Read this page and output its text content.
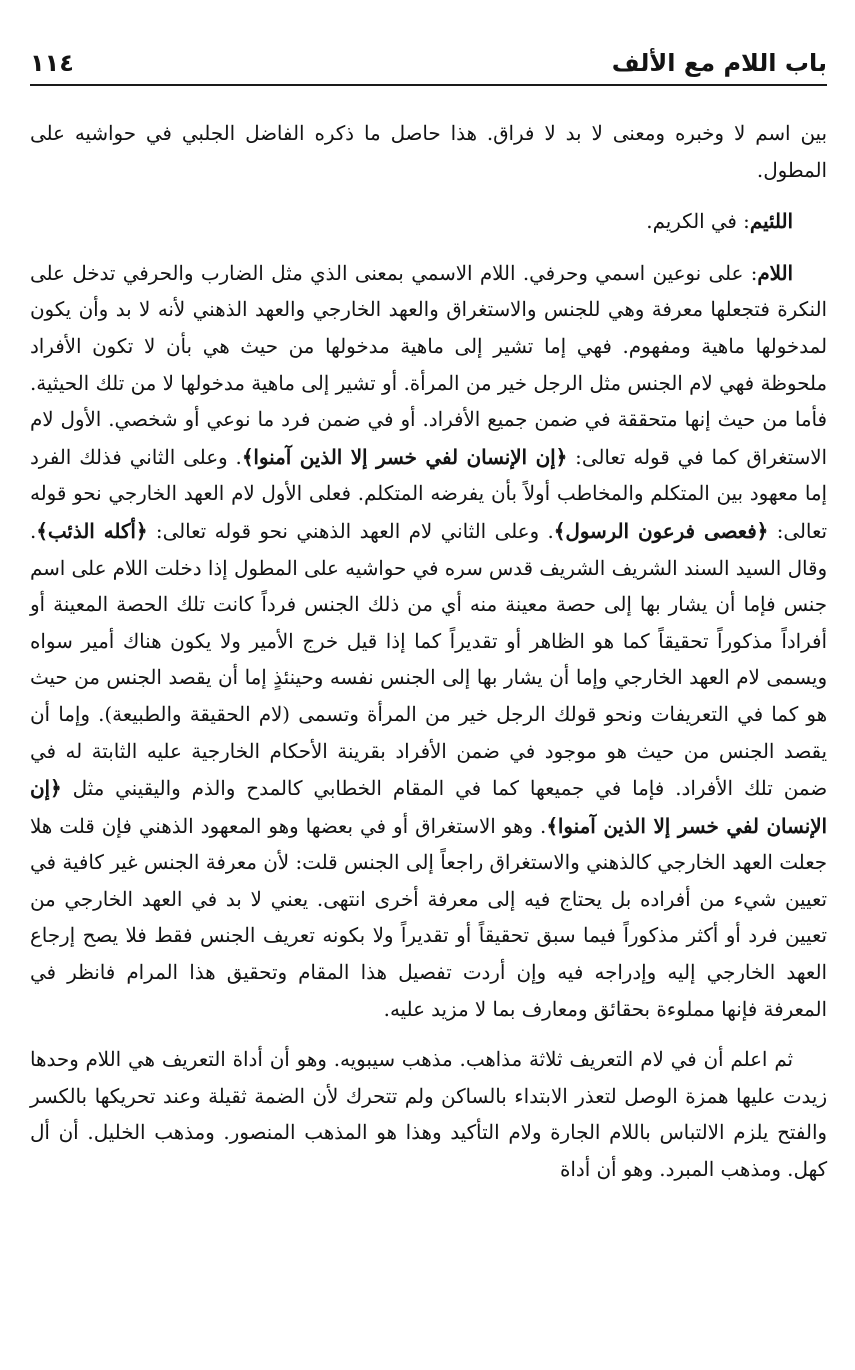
باب اللام مع الألف
١١٤

بين اسم لا وخبره ومعنى لا بد لا فراق. هذا حاصل ما ذكره الفاضل الجلبي في حواشيه على المطول.

اللئيم: في الكريم.

اللام: على نوعين اسمي وحرفي. اللام الاسمي بمعنى الذي مثل الضارب والحرفي تدخل على النكرة فتجعلها معرفة وهي للجنس والاستغراق والعهد الخارجي والعهد الذهني لأنه لا بد وأن يكون لمدخولها ماهية ومفهوم. فهي إما تشير إلى ماهية مدخولها من حيث هي بأن لا تكون الأفراد ملحوظة فهي لام الجنس مثل الرجل خير من المرأة. أو تشير إلى ماهية مدخولها لا من تلك الحيثية. فأما من حيث إنها متحققة في ضمن جميع الأفراد. أو في ضمن فرد ما نوعي أو شخصي. الأول لام الاستغراق كما في قوله تعالى: ﴿إن الإنسان لفي خسر إلا الذين آمنوا﴾. وعلى الثاني فذلك الفرد إما معهود بين المتكلم والمخاطب أولاً بأن يفرضه المتكلم. فعلى الأول لام العهد الخارجي نحو قوله تعالى: ﴿فعصى فرعون الرسول﴾. وعلى الثاني لام العهد الذهني نحو قوله تعالى: ﴿أكله الذئب﴾. وقال السيد السند الشريف الشريف قدس سره في حواشيه على المطول إذا دخلت اللام على اسم جنس فإما أن يشار بها إلى حصة معينة منه أي من ذلك الجنس فرداً كانت تلك الحصة المعينة أو أفراداً مذكوراً تحقيقاً كما هو الظاهر أو تقديراً كما إذا قيل خرج الأمير ولا يكون هناك أمير سواه ويسمى لام العهد الخارجي وإما أن يشار بها إلى الجنس نفسه وحينئذٍ إما أن يقصد الجنس من حيث هو كما في التعريفات ونحو قولك الرجل خير من المرأة وتسمى (لام الحقيقة والطبيعة). وإما أن يقصد الجنس من حيث هو موجود في ضمن الأفراد بقرينة الأحكام الخارجية عليه الثابتة له في ضمن تلك الأفراد. فإما في جميعها كما في المقام الخطابي كالمدح والذم واليقيني مثل ﴿إن الإنسان لفي خسر إلا الذين آمنوا﴾. وهو الاستغراق أو في بعضها وهو المعهود الذهني فإن قلت هلا جعلت العهد الخارجي كالذهني والاستغراق راجعاً إلى الجنس قلت: لأن معرفة الجنس غير كافية في تعيين شيء من أفراده بل يحتاج فيه إلى معرفة أخرى انتهى. يعني لا بد في العهد الخارجي من تعيين فرد أو أكثر مذكوراً فيما سبق تحقيقاً أو تقديراً ولا بكونه تعريف الجنس فقط فلا يصح إرجاع العهد الخارجي إليه وإدراجه فيه وإن أردت تفصيل هذا المقام وتحقيق هذا المرام فانظر في المعرفة فإنها مملوءة بحقائق ومعارف بما لا مزيد عليه.

ثم اعلم أن في لام التعريف ثلاثة مذاهب. مذهب سيبويه. وهو أن أداة التعريف هي اللام وحدها زيدت عليها همزة الوصل لتعذر الابتداء بالساكن ولم تتحرك لأن الضمة ثقيلة وعند تحريكها بالكسر والفتح يلزم الالتباس باللام الجارة ولام التأكيد وهذا هو المذهب المنصور. ومذهب الخليل. أن أل كهل. ومذهب المبرد. وهو أن أداة
